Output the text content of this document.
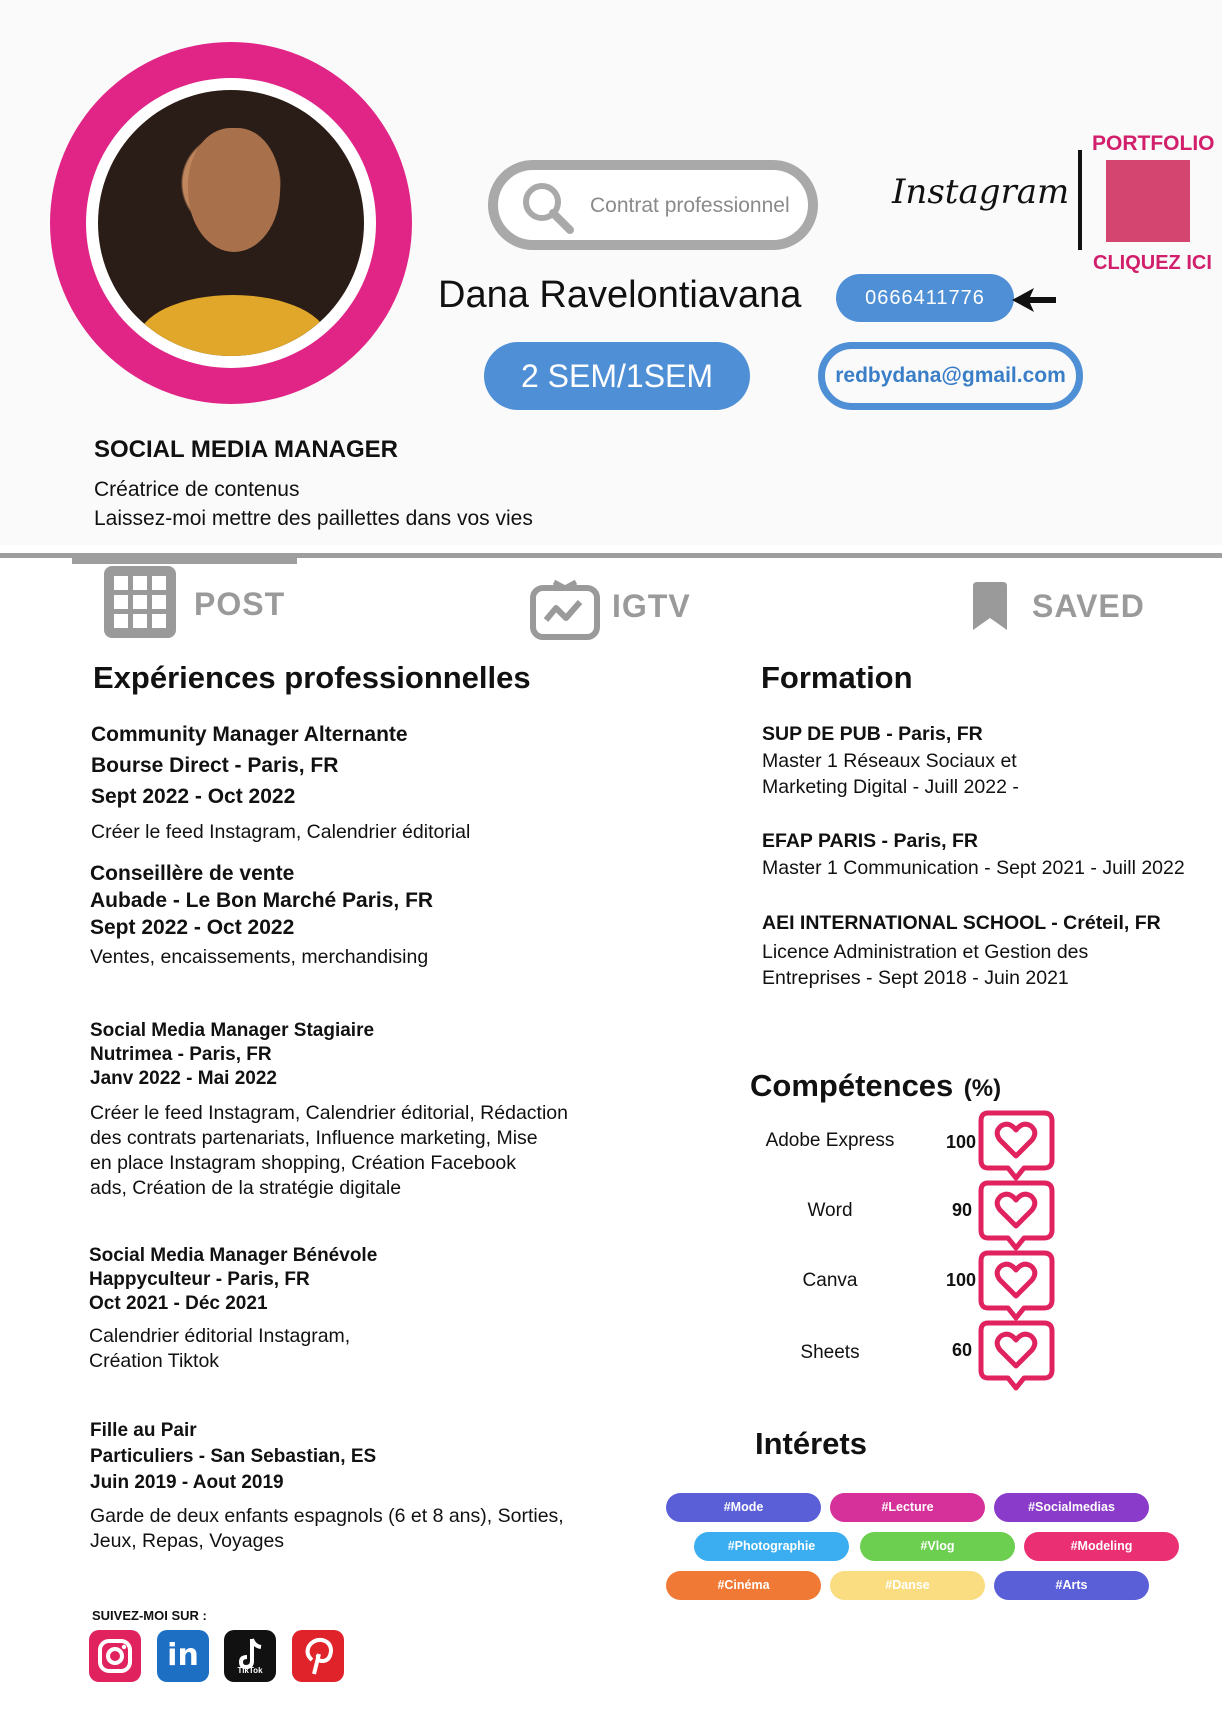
Contrat professionnel	Instagram
PORTFOLIO
CLIQUEZ ICI
Dana Ravelontiavana	0666411776
2 SEM/1SEM	redbydana@gmail.com
SOCIAL MEDIA MANAGER
Créatrice de contenus
Laissez-moi mettre des paillettes dans vos vies
POST	IGTV	SAVED
Expériences professionnelles
Community Manager Alternante
Bourse Direct - Paris, FR
Sept 2022 - Oct 2022
Créer le feed Instagram, Calendrier éditorial
Conseillère de vente
Aubade - Le Bon Marché Paris, FR
Sept 2022 - Oct 2022
Ventes, encaissements, merchandising
Social Media Manager Stagiaire
Nutrimea - Paris, FR
Janv 2022 - Mai 2022
Créer le feed Instagram, Calendrier éditorial, Rédaction
des contrats partenariats, Influence marketing, Mise
en place Instagram shopping, Création Facebook
ads, Création de la stratégie digitale
Social Media Manager Bénévole
Happyculteur - Paris, FR
Oct 2021 - Déc 2021
Calendrier éditorial Instagram,
Création Tiktok
Fille au Pair
Particuliers - San Sebastian, ES
Juin 2019 - Aout 2019
Garde de deux enfants espagnols (6 et 8 ans), Sorties,
Jeux, Repas, Voyages
Formation
SUP DE PUB - Paris, FR
Master 1 Réseaux Sociaux et
Marketing Digital - Juill 2022 -
EFAP PARIS - Paris, FR
Master 1 Communication - Sept 2021 - Juill 2022
AEI INTERNATIONAL SCHOOL - Créteil, FR
Licence Administration et Gestion des
Entreprises - Sept 2018 - Juin 2021
Compétences (%)
Adobe Express	100
Word	90
Canva	100
Sheets	60
Intérets
#Mode	#Lecture	#Socialmedias
#Photographie	#Vlog	#Modeling
#Cinéma	#Danse	#Arts
SUIVEZ-MOI SUR :
in	TikTok
